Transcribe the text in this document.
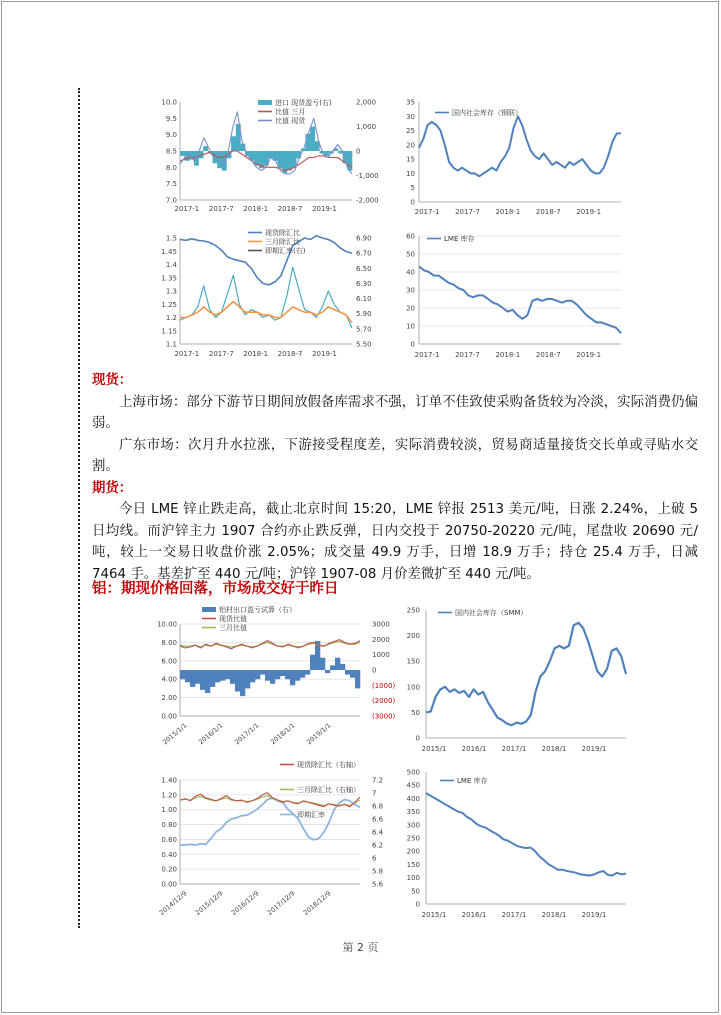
10.0
9.5
9.0
8.5
8.0
7.5
7.0
2,000
1,000
0
-1,000
-2,000
2017-1 2017-7 2018-1 2018-7 2019-1
进口 现货盈亏(右)
比值 三月
比值 现货
35
30
25
20
15
10
5
0
2017-1 2017-7 2018-1 2018-7 2019-1
国内社会库存（钢联）
1.5
1.45
1.4
1.35
1.3
1.25
1.2
1.15
1.1
6.90
6.70
6.50
6.30
6.10
5.90
5.70
5.50
2017-1 2017-7 2018-1 2018-7 2019-1
现货除汇比
三月除汇比
即期汇率(右)
60
50
40
30
20
10
0
2017-1 2017-7 2018-1 2018-7 2019-1
LME 库存
现货：
上海市场：部分下游节日期间放假备库需求不强，订单不佳致使采购备货较为冷淡，实际消费仍偏弱。
广东市场：次月升水拉涨，下游接受程度差，实际消费较淡，贸易商适量接货交长单或寻贴水交割。
期货：
今日 LME 锌止跌走高，截止北京时间 15:20，LME 锌报 2513 美元/吨，日涨 2.24%，上破 5 日均线。而沪锌主力 1907 合约亦止跌反弹，日内交投于 20750-20220 元/吨，尾盘收 20690 元/吨，较上一交易日收盘价涨 2.05%；成交量 49.9 万手，日增 18.9 万手；持仓 25.4 万手，日减 7464 手。基差扩至 440 元/吨；沪锌 1907-08 月价差微扩至 440 元/吨。
铝：期现价格回落，市场成交好于昨日
10.00
8.00
6.00
4.00
2.00
0.00
3000
2000
1000
0
(1000)
(2000)
(3000)
2015/1/1 2016/1/1 2017/1/1 2018/1/1 2019/1/1
铝材出口盈亏试算（右）
现货比值
三月比值
250
200
150
100
50
0
2015/1 2016/1 2017/1 2018/1 2019/1
国内社会库存（SMM）
1.40
1.20
1.00
0.80
0.60
0.40
0.20
0.00
7.2
7
6.8
6.6
6.4
6.2
6
5.8
5.6
2014/12/9 2015/12/9 2016/12/9 2017/12/9 2018/12/9
现货除汇比（右轴）
三月除汇比（右轴）
即期汇率
500
450
400
350
300
250
200
150
100
50
0
2015/1 2016/1 2017/1 2018/1 2019/1
LME 库存
第 2 页
